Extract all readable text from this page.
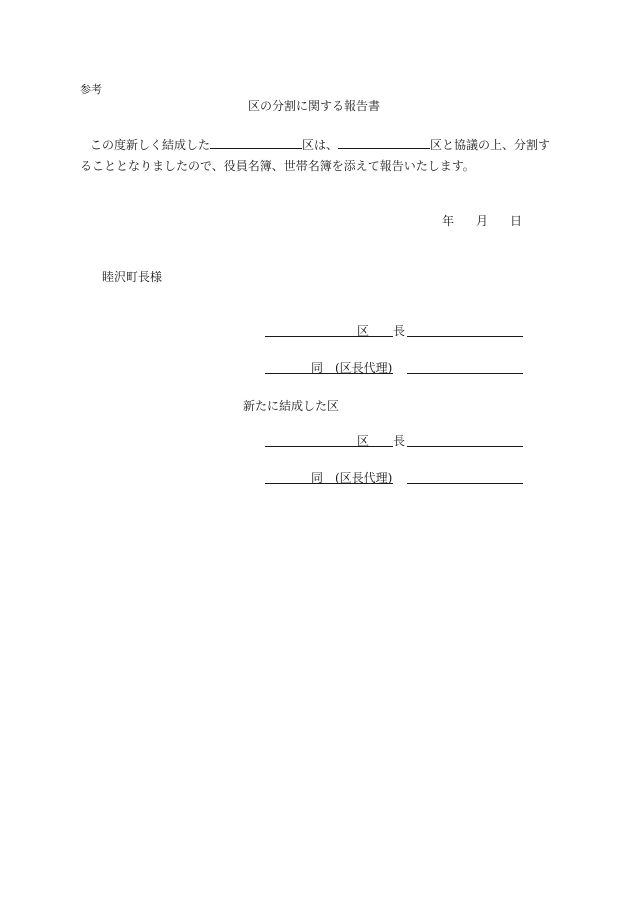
参考
区の分割に関する報告書
この度新しく結成した	区は、	区と協議の上、分割す
ることとなりましたので、役員名簿、世帯名簿を添えて報告いたします。
年 月 日
睦沢町長様
区　長
同　(区長代理)
新たに結成した区
区　長
同　(区長代理)
